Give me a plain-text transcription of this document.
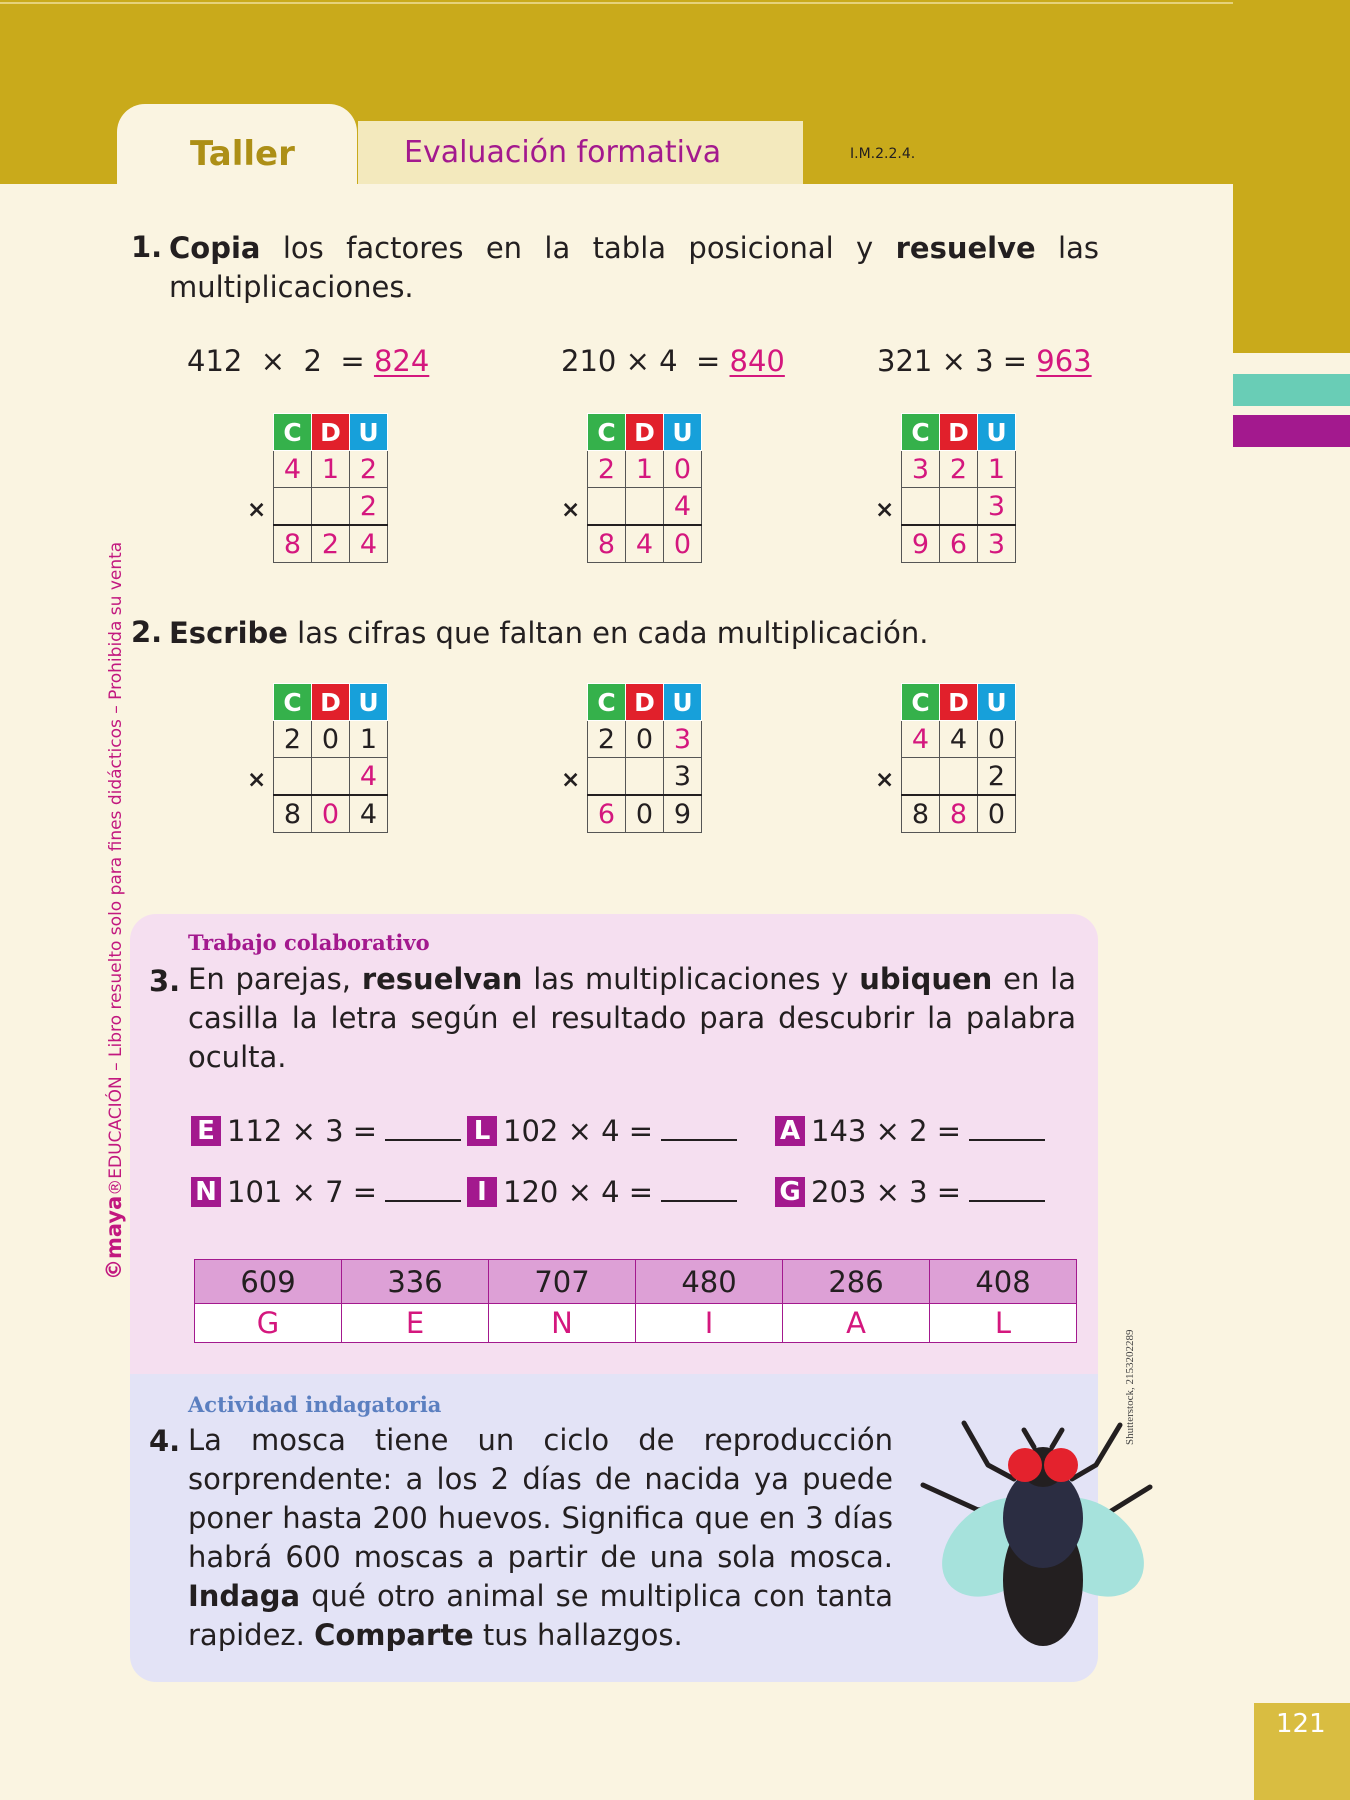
Taller	Evaluación formativa	I.M.2.2.4.
©maya®EDUCACIÓN – Libro resuelto solo para fines didácticos – Prohibida su venta
1. Copia los factores en la tabla posicional y resuelve las multiplicaciones.
412  ×  2  = 824	210 × 4  = 840	321 × 3 = 963
×
C	D	U
4	1	2
		2
8	2	4
×
C	D	U
2	1	0
		4
8	4	0
×
C	D	U
3	2	1
		3
9	6	3
2. Escribe las cifras que faltan en cada multiplicación.
×
C	D	U
2	0	1
		4
8	0	4
×
C	D	U
2	0	3
		3
6	0	9
×
C	D	U
4	4	0
		2
8	8	0
Trabajo colaborativo
3. En parejas, resuelvan las multiplicaciones y ubiquen en la casilla la letra según el resultado para descubrir la palabra oculta.
E 112 × 3 =	L 102 × 4 =	A 143 × 2 =
N 101 × 7 =	I 120 × 4 =	G 203 × 3 =
609	336	707	480	286	408
G	E	N	I	A	L
Actividad indagatoria
4. La mosca tiene un ciclo de reproducción sorprendente: a los 2 días de nacida ya puede poner hasta 200 huevos. Significa que en 3 días habrá 600 moscas a partir de una sola mosca. Indaga qué otro animal se multiplica con tanta rapidez. Comparte tus hallazgos.
Shutterstock, 2153202289
121
